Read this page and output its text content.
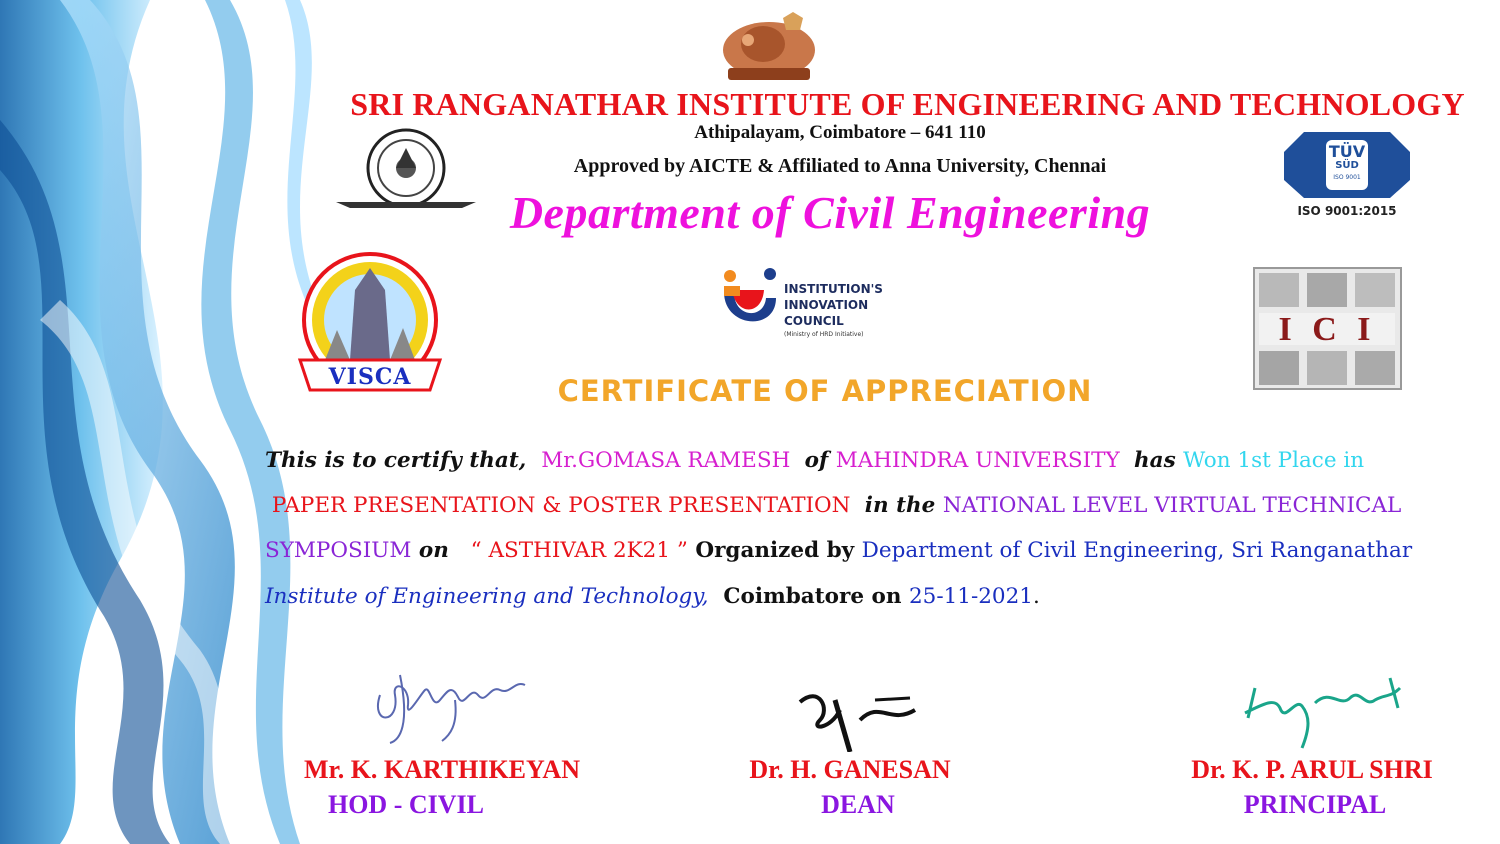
SRI RANGANATHAR INSTITUTE OF ENGINEERING AND TECHNOLOGY
Athipalayam, Coimbatore – 641 110
Approved by AICTE & Affiliated to Anna University, Chennai
Department of Civil Engineering
TÜV
SÜD
ISO 9001
ISO 9001:2015
VISCA
INSTITUTION'S
INNOVATION
COUNCIL
(Ministry of HRD Initiative)	I C I
CERTIFICATE OF APPRECIATION
This is to certify that,  Mr.GOMASA RAMESH  of MAHINDRA UNIVERSITY  has Won 1st Place in
PAPER PRESENTATION & POSTER PRESENTATION  in the NATIONAL LEVEL VIRTUAL TECHNICAL
SYMPOSIUM on   “ ASTHIVAR 2K21 ” Organized by Department of Civil Engineering, Sri Ranganathar
Institute of Engineering and Technology,  Coimbatore on 25-11-2021.
Mr. K. KARTHIKEYAN
HOD - CIVIL
Dr. H. GANESAN
DEAN
Dr. K. P. ARUL SHRI
PRINCIPAL
